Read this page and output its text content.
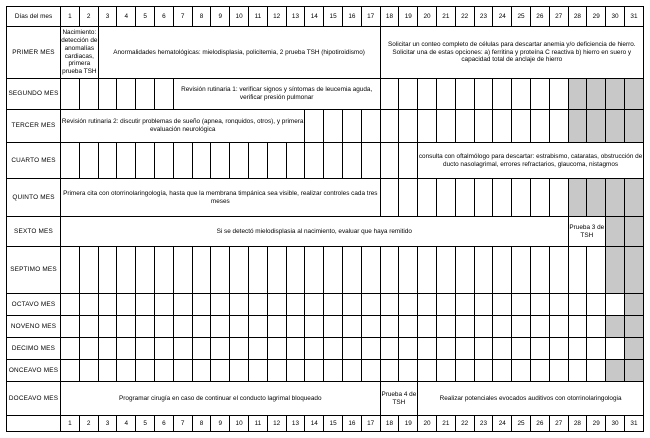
Días del mes	1	2	3	4	5	6	7	8	9	10	11	12	13	14	15	16	17	18	19	20	21	22	23	24	25	26	27	28	29	30	31
PRIMER MES	Nacimiento: detección de anomalías cardiacas, primera prueba TSH		Anormalidades hematológicas: mielodisplasia, policitemia, 2 prueba TSH (hipotiroidismo)															Solicitar un conteo completo de células para descartar anemia y/o deficiencia de hierro. Solicitar una de estas opciones: a) ferritina y proteína C reactiva b) hierro en suero y capacidad total de anclaje de hierro													
SEGUNDO MES							Revisión rutinaria 1: verificar signos y síntomas de leucemia aguda, verificar presión pulmonar																								
TERCER MES	Revisión rutinaria 2: discutir problemas de sueño (apnea, ronquidos, otros), y primera evaluación neurológica																														
CUARTO MES																				consulta con oftalmólogo para descartar: estrabismo, cataratas, obstrucción de ducto nasolagrimal, errores refractarios, glaucoma, nistagmos											
QUINTO MES	Primera cita con otorrinolaringología, hasta que la membrana timpánica sea visible, realizar controles cada tres meses																														
SEXTO MES	Si se detectó mielodisplasia al nacimiento, evaluar que haya remitido																											Prueba 3 de TSH			
SEPTIMO MES																															
OCTAVO MES																															
NOVENO MES																															
DECIMO MES																															
ONCEAVO MES																															
DOCEAVO MES	Programar cirugía en caso de continuar el conducto lagrimal bloqueado																	Prueba 4 de TSH		Realizar potenciales evocados auditivos con otorrinolaringologia											
	1	2	3	4	5	6	7	8	9	10	11	12	13	14	15	16	17	18	19	20	21	22	23	24	25	26	27	28	29	30	31
